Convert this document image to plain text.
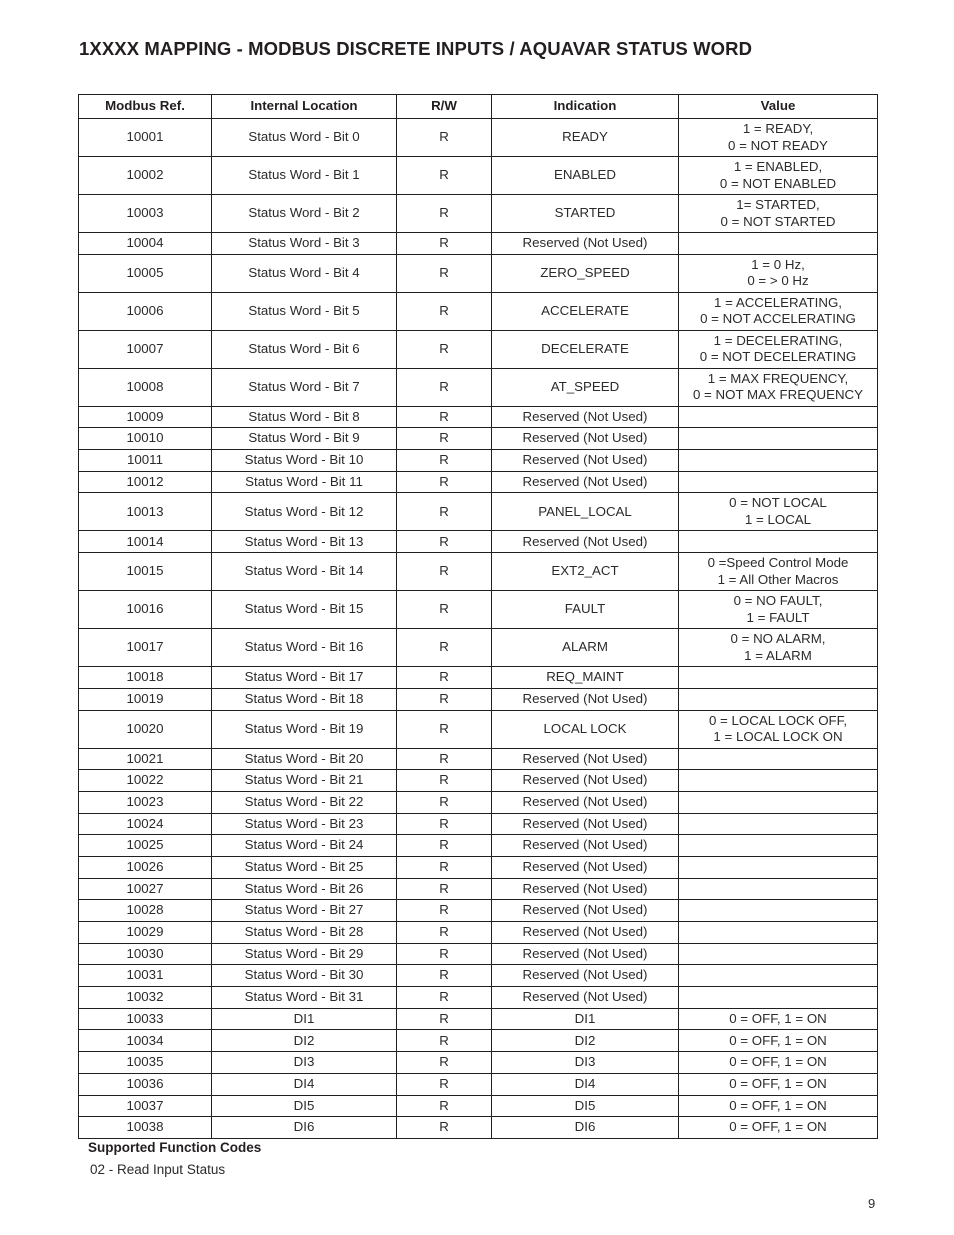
1XXXX MAPPING - MODBUS DISCRETE INPUTS / AQUAVAR STATUS WORD
Modbus Ref.	Internal Location	R/W	Indication	Value
10001	Status Word - Bit 0	R	READY	1 = READY,
0 = NOT READY

10002	Status Word - Bit 1	R	ENABLED	1 = ENABLED,
0 = NOT ENABLED

10003	Status Word - Bit 2	R	STARTED	1= STARTED,
0 = NOT STARTED

10004	Status Word - Bit 3	R	Reserved (Not Used)	
10005	Status Word - Bit 4	R	ZERO_SPEED	1 = 0 Hz,
0 = > 0 Hz

10006	Status Word - Bit 5	R	ACCELERATE	1 = ACCELERATING,
0 = NOT ACCELERATING

10007	Status Word - Bit 6	R	DECELERATE	1 = DECELERATING,
0 = NOT DECELERATING

10008	Status Word - Bit 7	R	AT_SPEED	1 = MAX FREQUENCY,
0 = NOT MAX FREQUENCY

10009	Status Word - Bit 8	R	Reserved (Not Used)	
10010	Status Word - Bit 9	R	Reserved (Not Used)	
10011	Status Word - Bit 10	R	Reserved (Not Used)	
10012	Status Word - Bit 11	R	Reserved (Not Used)	
10013	Status Word - Bit 12	R	PANEL_LOCAL	0 = NOT LOCAL
1 = LOCAL

10014	Status Word - Bit 13	R	Reserved (Not Used)	
10015	Status Word - Bit 14	R	EXT2_ACT	0 =Speed Control Mode
1 = All Other Macros

10016	Status Word - Bit 15	R	FAULT	0 = NO FAULT,
1 = FAULT

10017	Status Word - Bit 16	R	ALARM	0 = NO ALARM,
1 = ALARM

10018	Status Word - Bit 17	R	REQ_MAINT	
10019	Status Word - Bit 18	R	Reserved (Not Used)	
10020	Status Word - Bit 19	R	LOCAL LOCK	0 = LOCAL LOCK OFF,
1 = LOCAL LOCK ON

10021	Status Word - Bit 20	R	Reserved (Not Used)	
10022	Status Word - Bit 21	R	Reserved (Not Used)	
10023	Status Word - Bit 22	R	Reserved (Not Used)	
10024	Status Word - Bit 23	R	Reserved (Not Used)	
10025	Status Word - Bit 24	R	Reserved (Not Used)	
10026	Status Word - Bit 25	R	Reserved (Not Used)	
10027	Status Word - Bit 26	R	Reserved (Not Used)	
10028	Status Word - Bit 27	R	Reserved (Not Used)	
10029	Status Word - Bit 28	R	Reserved (Not Used)	
10030	Status Word - Bit 29	R	Reserved (Not Used)	
10031	Status Word - Bit 30	R	Reserved (Not Used)	
10032	Status Word - Bit 31	R	Reserved (Not Used)	
10033	DI1	R	DI1	0 = OFF, 1 = ON

10034	DI2	R	DI2	0 = OFF, 1 = ON

10035	DI3	R	DI3	0 = OFF, 1 = ON

10036	DI4	R	DI4	0 = OFF, 1 = ON

10037	DI5	R	DI5	0 = OFF, 1 = ON

10038	DI6	R	DI6	0 = OFF, 1 = ON
Supported Function Codes
02 - Read Input Status
9
